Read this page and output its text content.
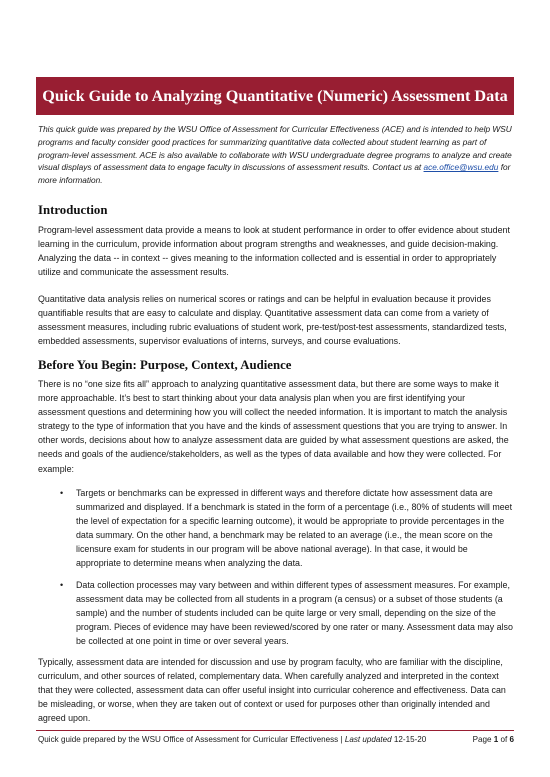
Quick Guide to Analyzing Quantitative (Numeric) Assessment Data
This quick guide was prepared by the WSU Office of Assessment for Curricular Effectiveness (ACE) and is intended to help WSU programs and faculty consider good practices for summarizing quantitative data collected about student learning as part of program-level assessment. ACE is also available to collaborate with WSU undergraduate degree programs to analyze and create visual displays of assessment data to engage faculty in discussions of assessment results. Contact us at ace.office@wsu.edu for more information.
Introduction

Program-level assessment data provide a means to look at student performance in order to offer evidence about student learning in the curriculum, provide information about program strengths and weaknesses, and guide decision-making. Analyzing the data -- in context -- gives meaning to the information collected and is essential in order to appropriately utilize and communicate the assessment results.

Quantitative data analysis relies on numerical scores or ratings and can be helpful in evaluation because it provides quantifiable results that are easy to calculate and display. Quantitative assessment data can come from a variety of assessment measures, including rubric evaluations of student work, pre-test/post-test assessments, standardized tests, embedded assessments, supervisor evaluations of interns, surveys, and course evaluations.

Before You Begin: Purpose, Context, Audience

There is no “one size fits all” approach to analyzing quantitative assessment data, but there are some ways to make it more approachable. It’s best to start thinking about your data analysis plan when you are first identifying your assessment questions and determining how you will collect the needed information. It is important to match the analysis strategy to the type of information that you have and the kinds of assessment questions that you are trying to answer. In other words, decisions about how to analyze assessment data are guided by what assessment questions are asked, the needs and goals of the audience/stakeholders, as well as the types of data available and how they were collected. For example:

• Targets or benchmarks can be expressed in different ways and therefore dictate how assessment data are summarized and displayed. If a benchmark is stated in the form of a percentage (i.e., 80% of students will meet the level of expectation for a specific learning outcome), it would be appropriate to provide percentages in the data summary. On the other hand, a benchmark may be related to an average (i.e., the mean score on the licensure exam for students in our program will be above national average). In that case, it would be appropriate to determine means when analyzing the data.
• Data collection processes may vary between and within different types of assessment measures. For example, assessment data may be collected from all students in a program (a census) or a subset of those students (a sample) and the number of students included can be quite large or very small, depending on the size of the program. Pieces of evidence may have been reviewed/scored by one rater or many. Assessment data may also be collected at one point in time or over several years.

Typically, assessment data are intended for discussion and use by program faculty, who are familiar with the discipline, curriculum, and other sources of related, complementary data. When carefully analyzed and interpreted in the context that they were collected, assessment data can offer useful insight into curricular coherence and effectiveness. Data can be misleading, or worse, when they are taken out of context or used for purposes other than originally intended and agreed upon.

Quick guide prepared by the WSU Office of Assessment for Curricular Effectiveness | Last updated 12-15-20	Page 1 of 6
